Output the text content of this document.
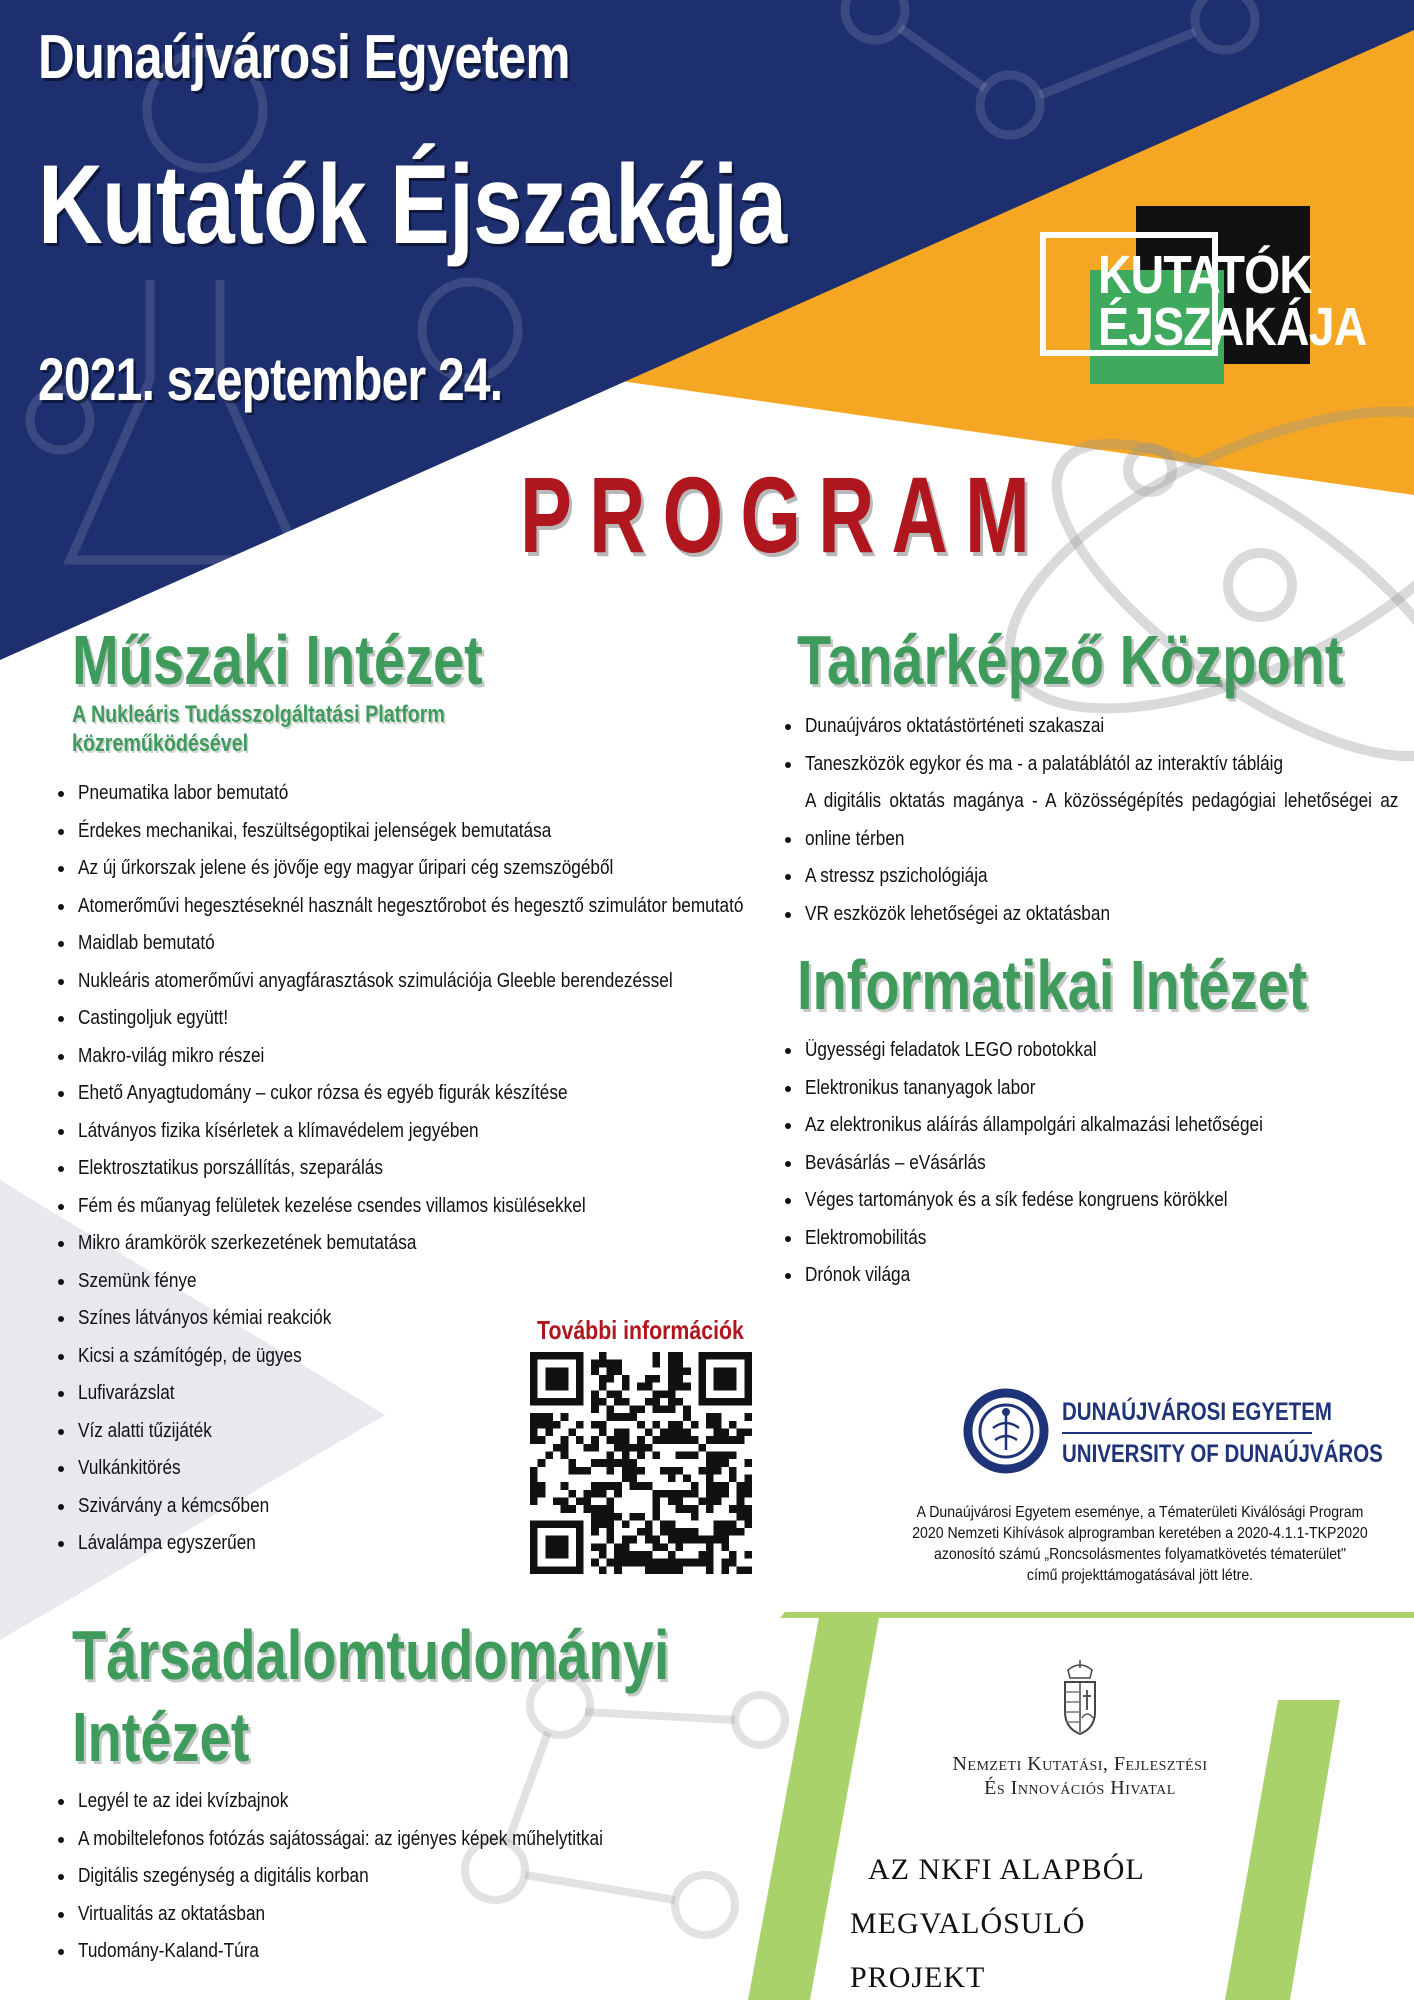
Dunaújvárosi Egyetem
Kutatók Éjszakája
2021. szeptember 24.
KUTATÓK
ÉJSZAKÁJA
PROGRAM
Műszaki Intézet
A Nukleáris Tudásszolgáltatási Platform
közreműködésével
• Pneumatika labor bemutató
• Érdekes mechanikai, feszültségoptikai jelenségek bemutatása
• Az új űrkorszak jelene és jövője egy magyar űripari cég szemszögéből
• Atomerőművi hegesztéseknél használt hegesztőrobot és hegesztő szimulátor bemutató
• Maidlab bemutató
• Nukleáris atomerőművi anyagfárasztások szimulációja Gleeble berendezéssel
• Castingoljuk együtt!
• Makro-világ mikro részei
• Ehető Anyagtudomány – cukor rózsa és egyéb figurák készítése
• Látványos fizika kísérletek a klímavédelem jegyében
• Elektrosztatikus porszállítás, szeparálás
• Fém és műanyag felületek kezelése csendes villamos kisülésekkel
• Mikro áramkörök szerkezetének bemutatása
• Szemünk fénye
• Színes látványos kémiai reakciók
• Kicsi a számítógép, de ügyes
• Lufivarázslat
• Víz alatti tűzijáték
• Vulkánkitörés
• Szivárvány a kémcsőben
• Lávalámpa egyszerűen
Tanárképző Központ
• Dunaújváros oktatástörténeti szakaszai
• Taneszközök egykor és ma - a palatáblától az interaktív tábláig
• A digitális oktatás magánya - A közösségépítés pedagógiai lehetőségei az online térben
• A stressz pszichológiája
• VR eszközök lehetőségei az oktatásban
Informatikai Intézet
• Ügyességi feladatok LEGO robotokkal
• Elektronikus tananyagok labor
• Az elektronikus aláírás állampolgári alkalmazási lehetőségei
• Bevásárlás – eVásárlás
• Véges tartományok és a sík fedése kongruens körökkel
• Elektromobilitás
• Drónok világa
További információk
Társadalomtudományi
Intézet
• Legyél te az idei kvízbajnok
• A mobiltelefonos fotózás sajátosságai: az igényes képek műhelytitkai
• Digitális szegénység a digitális korban
• Virtualitás az oktatásban
• Tudomány-Kaland-Túra
DUNAÚJVÁROSI EGYETEM
UNIVERSITY OF DUNAÚJVÁROS
A Dunaújvárosi Egyetem eseménye, a Tématerületi Kiválósági Program
2020 Nemzeti Kihívások alprogramban keretében a 2020-4.1.1-TKP2020
azonosító számú „Roncsolásmentes folyamatkövetés tématerület"
című projekttámogatásával jött létre.
Nemzeti Kutatási, Fejlesztési
És Innovációs Hivatal
AZ NKFI ALAPBÓL
MEGVALÓSULÓ PROJEKT
